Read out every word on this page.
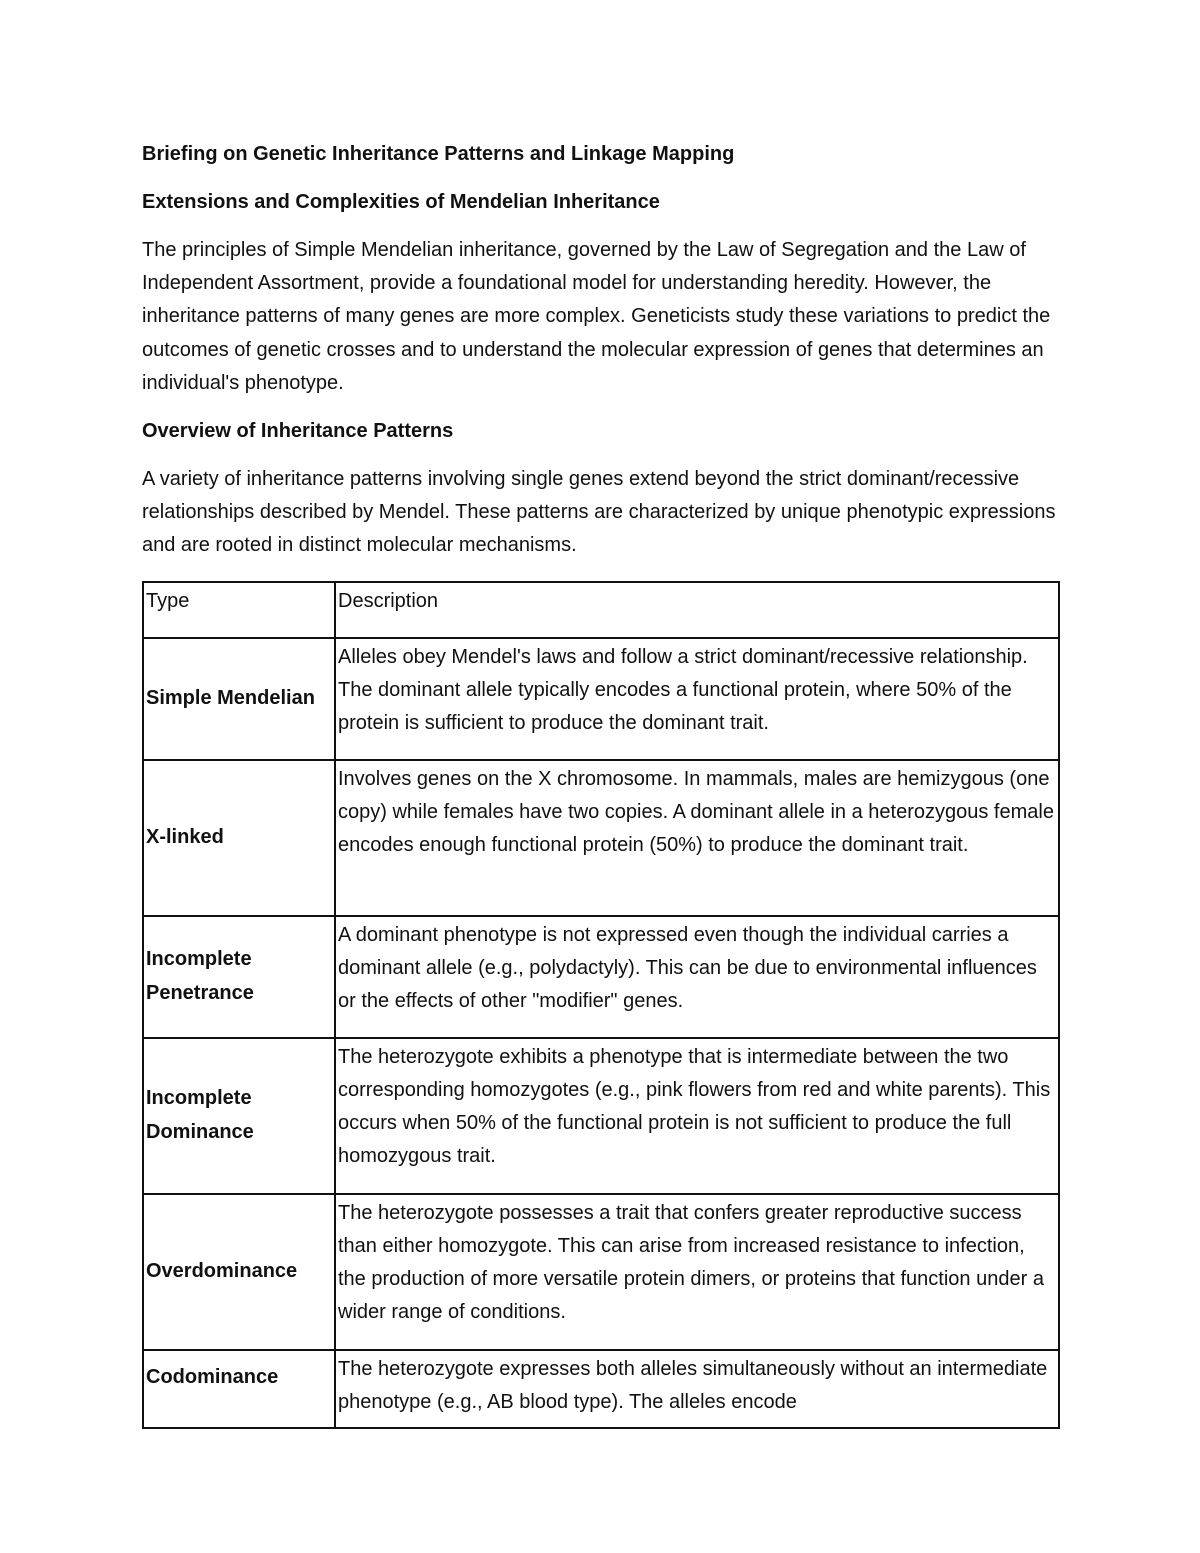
Briefing on Genetic Inheritance Patterns and Linkage Mapping

Extensions and Complexities of Mendelian Inheritance

The principles of Simple Mendelian inheritance, governed by the Law of Segregation and the Law of Independent Assortment, provide a foundational model for understanding heredity. However, the inheritance patterns of many genes are more complex. Geneticists study these variations to predict the outcomes of genetic crosses and to understand the molecular expression of genes that determines an individual's phenotype.

Overview of Inheritance Patterns

A variety of inheritance patterns involving single genes extend beyond the strict dominant/recessive relationships described by Mendel. These patterns are characterized by unique phenotypic expressions and are rooted in distinct molecular mechanisms.

Type	Description
Simple Mendelian	Alleles obey Mendel's laws and follow a strict dominant/recessive relationship. The dominant allele typically encodes a functional protein, where 50% of the protein is sufficient to produce the dominant trait.
X-linked	Involves genes on the X chromosome. In mammals, males are hemizygous (one copy) while females have two copies. A dominant allele in a heterozygous female encodes enough functional protein (50%) to produce the dominant trait.
Incomplete Penetrance	A dominant phenotype is not expressed even though the individual carries a dominant allele (e.g., polydactyly). This can be due to environmental influences or the effects of other "modifier" genes.
Incomplete Dominance	The heterozygote exhibits a phenotype that is intermediate between the two corresponding homozygotes (e.g., pink flowers from red and white parents). This occurs when 50% of the functional protein is not sufficient to produce the full homozygous trait.
Overdominance	The heterozygote possesses a trait that confers greater reproductive success than either homozygote. This can arise from increased resistance to infection, the production of more versatile protein dimers, or proteins that function under a wider range of conditions.
Codominance	The heterozygote expresses both alleles simultaneously without an intermediate phenotype (e.g., AB blood type). The alleles encode
